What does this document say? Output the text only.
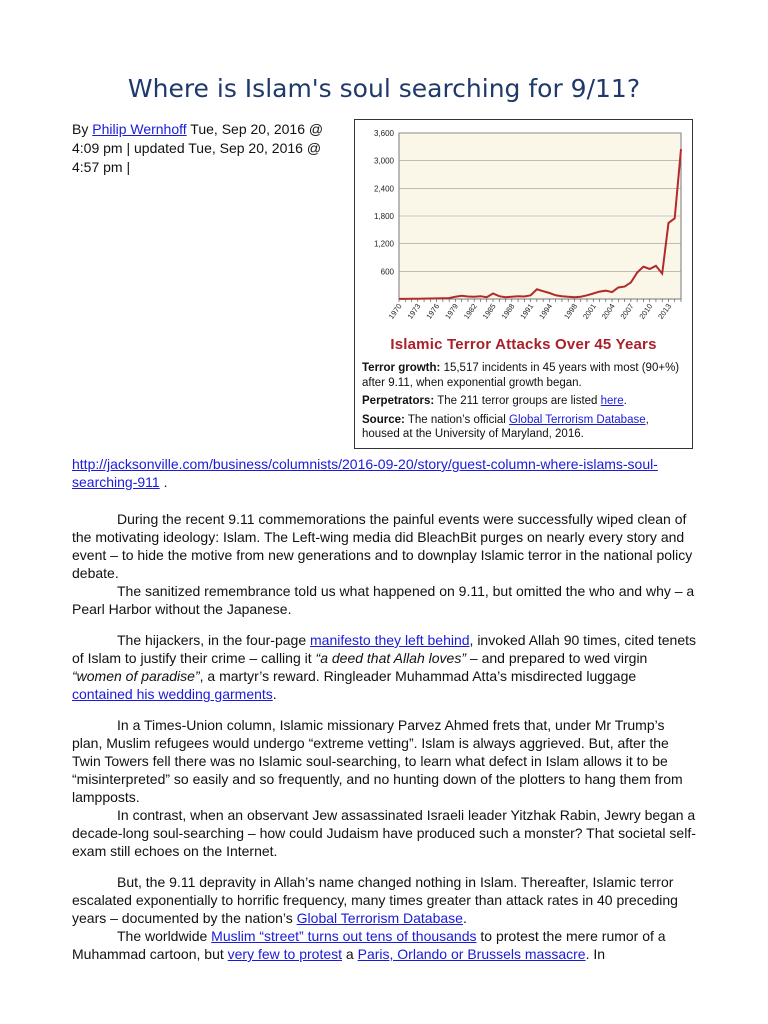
Where is Islam's soul searching for 9/11?
By Philip Wernhoff Tue, Sep 20, 2016 @ 4:09 pm | updated Tue, Sep 20, 2016 @ 4:57 pm |
3,600
3,000
2,400
1,800
1,200
600
1970 1973 1976 1979 1982 1985 1988 1991 1994 1998 2001 2004 2007 2010 2013
Islamic Terror Attacks Over 45 Years

Terror growth: 15,517 incidents in 45 years with most (90+%) after 9.11, when exponential growth began.

Perpetrators: The 211 terror groups are listed here.

Source: The nation’s official Global Terrorism Database, housed at the University of Maryland, 2016.

http://jacksonville.com/business/columnists/2016-09-20/story/guest-column-where-islams-soul-searching-911 .

During the recent 9.11 commemorations the painful events were successfully wiped clean of the motivating ideology: Islam. The Left-wing media did BleachBit purges on nearly every story and event – to hide the motive from new generations and to downplay Islamic terror in the national policy debate.

The sanitized remembrance told us what happened on 9.11, but omitted the who and why – a Pearl Harbor without the Japanese.

The hijackers, in the four-page manifesto they left behind, invoked Allah 90 times, cited tenets of Islam to justify their crime – calling it “a deed that Allah loves” – and prepared to wed virgin “women of paradise”, a martyr’s reward. Ringleader Muhammad Atta’s misdirected luggage contained his wedding garments.

In a Times-Union column, Islamic missionary Parvez Ahmed frets that, under Mr Trump’s plan, Muslim refugees would undergo “extreme vetting”. Islam is always aggrieved. But, after the Twin Towers fell there was no Islamic soul-searching, to learn what defect in Islam allows it to be “misinterpreted” so easily and so frequently, and no hunting down of the plotters to hang them from lampposts.

In contrast, when an observant Jew assassinated Israeli leader Yitzhak Rabin, Jewry began a decade-long soul-searching – how could Judaism have produced such a monster? That societal self-exam still echoes on the Internet.

But, the 9.11 depravity in Allah’s name changed nothing in Islam. Thereafter, Islamic terror escalated exponentially to horrific frequency, many times greater than attack rates in 40 preceding years – documented by the nation’s Global Terrorism Database.

The worldwide Muslim “street” turns out tens of thousands to protest the mere rumor of a Muhammad cartoon, but very few to protest a Paris, Orlando or Brussels massacre. In
